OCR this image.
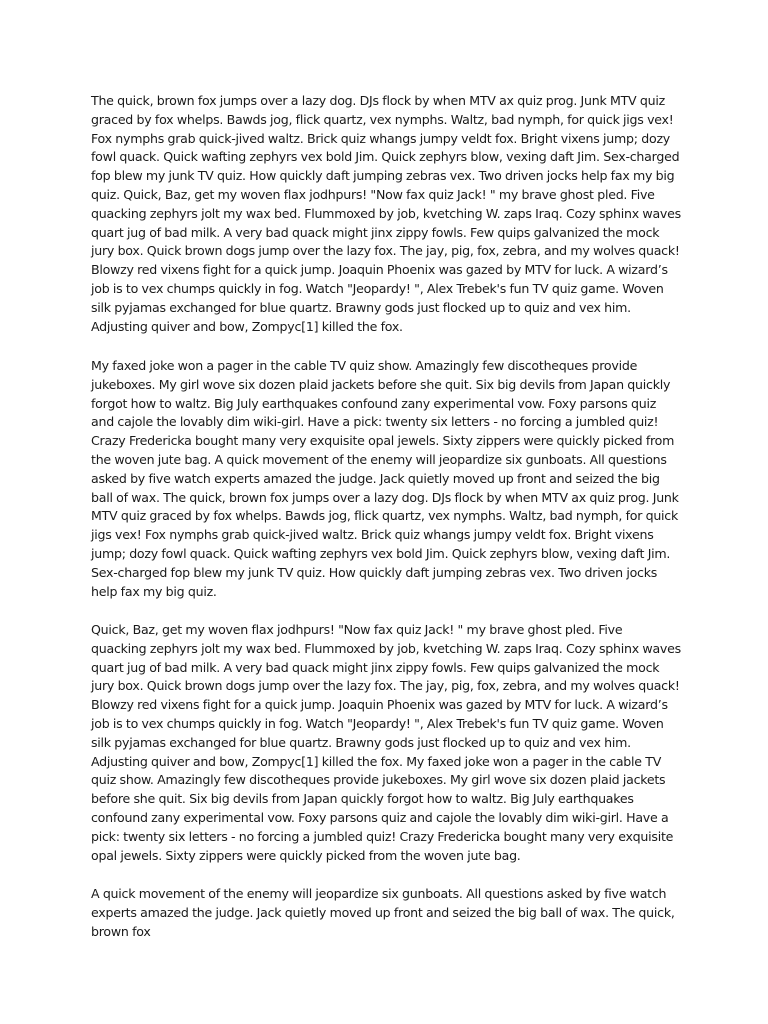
The quick, brown fox jumps over a lazy dog. DJs flock by when MTV ax quiz prog. Junk MTV quiz graced by fox whelps. Bawds jog, flick quartz, vex nymphs. Waltz, bad nymph, for quick jigs vex! Fox nymphs grab quick-jived waltz. Brick quiz whangs jumpy veldt fox. Bright vixens jump; dozy fowl quack. Quick wafting zephyrs vex bold Jim. Quick zephyrs blow, vexing daft Jim. Sex-charged fop blew my junk TV quiz. How quickly daft jumping zebras vex. Two driven jocks help fax my big quiz. Quick, Baz, get my woven flax jodhpurs! "Now fax quiz Jack! " my brave ghost pled. Five quacking zephyrs jolt my wax bed. Flummoxed by job, kvetching W. zaps Iraq. Cozy sphinx waves quart jug of bad milk. A very bad quack might jinx zippy fowls. Few quips galvanized the mock jury box. Quick brown dogs jump over the lazy fox. The jay, pig, fox, zebra, and my wolves quack! Blowzy red vixens fight for a quick jump. Joaquin Phoenix was gazed by MTV for luck. A wizard’s job is to vex chumps quickly in fog. Watch "Jeopardy! ", Alex Trebek's fun TV quiz game. Woven silk pyjamas exchanged for blue quartz. Brawny gods just flocked up to quiz and vex him. Adjusting quiver and bow, Zompyc[1] killed the fox.

My faxed joke won a pager in the cable TV quiz show. Amazingly few discotheques provide jukeboxes. My girl wove six dozen plaid jackets before she quit. Six big devils from Japan quickly forgot how to waltz. Big July earthquakes confound zany experimental vow. Foxy parsons quiz and cajole the lovably dim wiki-girl. Have a pick: twenty six letters - no forcing a jumbled quiz! Crazy Fredericka bought many very exquisite opal jewels. Sixty zippers were quickly picked from the woven jute bag. A quick movement of the enemy will jeopardize six gunboats. All questions asked by five watch experts amazed the judge. Jack quietly moved up front and seized the big ball of wax. The quick, brown fox jumps over a lazy dog. DJs flock by when MTV ax quiz prog. Junk MTV quiz graced by fox whelps. Bawds jog, flick quartz, vex nymphs. Waltz, bad nymph, for quick jigs vex! Fox nymphs grab quick-jived waltz. Brick quiz whangs jumpy veldt fox. Bright vixens jump; dozy fowl quack. Quick wafting zephyrs vex bold Jim. Quick zephyrs blow, vexing daft Jim. Sex-charged fop blew my junk TV quiz. How quickly daft jumping zebras vex. Two driven jocks help fax my big quiz.

Quick, Baz, get my woven flax jodhpurs! "Now fax quiz Jack! " my brave ghost pled. Five quacking zephyrs jolt my wax bed. Flummoxed by job, kvetching W. zaps Iraq. Cozy sphinx waves quart jug of bad milk. A very bad quack might jinx zippy fowls. Few quips galvanized the mock jury box. Quick brown dogs jump over the lazy fox. The jay, pig, fox, zebra, and my wolves quack! Blowzy red vixens fight for a quick jump. Joaquin Phoenix was gazed by MTV for luck. A wizard’s job is to vex chumps quickly in fog. Watch "Jeopardy! ", Alex Trebek's fun TV quiz game. Woven silk pyjamas exchanged for blue quartz. Brawny gods just flocked up to quiz and vex him. Adjusting quiver and bow, Zompyc[1] killed the fox. My faxed joke won a pager in the cable TV quiz show. Amazingly few discotheques provide jukeboxes. My girl wove six dozen plaid jackets before she quit. Six big devils from Japan quickly forgot how to waltz. Big July earthquakes confound zany experimental vow. Foxy parsons quiz and cajole the lovably dim wiki-girl. Have a pick: twenty six letters - no forcing a jumbled quiz! Crazy Fredericka bought many very exquisite opal jewels. Sixty zippers were quickly picked from the woven jute bag.

A quick movement of the enemy will jeopardize six gunboats. All questions asked by five watch experts amazed the judge. Jack quietly moved up front and seized the big ball of wax. The quick, brown fox
